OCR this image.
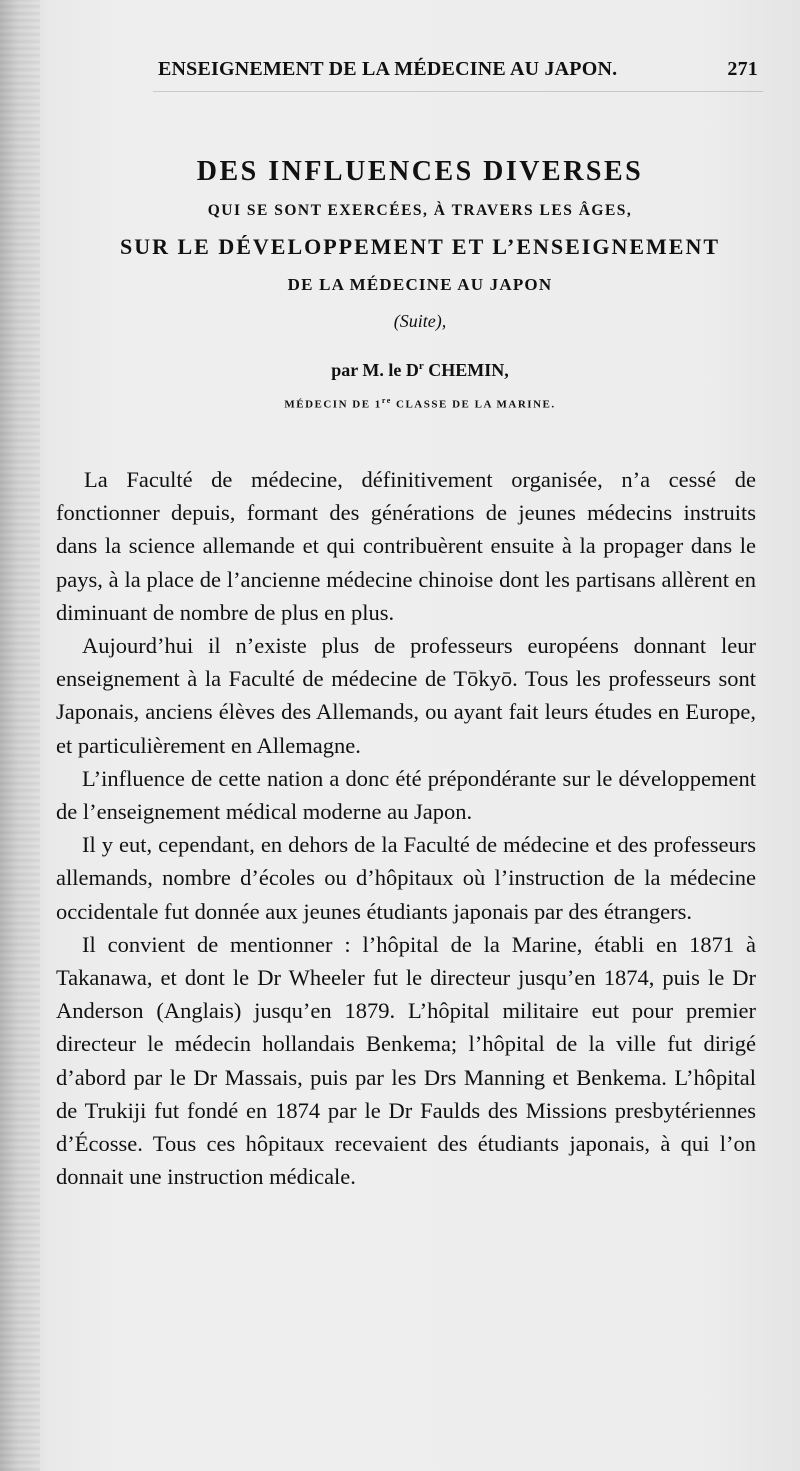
ENSEIGNEMENT DE LA MÉDECINE AU JAPON.	271
DES INFLUENCES DIVERSES
QUI SE SONT EXERCÉES, À TRAVERS LES ÂGES,
SUR LE DÉVELOPPEMENT ET L’ENSEIGNEMENT
DE LA MÉDECINE AU JAPON
(Suite),
par M. le $D^r$ CHEMIN,
MÉDECIN DE 1re CLASSE DE LA MARINE.

La Faculté de médecine, définitivement organisée, n’a cessé de fonctionner depuis, formant des générations de jeunes médecins instruits dans la science allemande et qui contribuèrent ensuite à la propager dans le pays, à la place de l’ancienne médecine chinoise dont les partisans allèrent en diminuant de nombre de plus en plus.

Aujourd’hui il n’existe plus de professeurs européens donnant leur enseignement à la Faculté de médecine de Tōkyō. Tous les professeurs sont Japonais, anciens élèves des Allemands, ou ayant fait leurs études en Europe, et particulièrement en Allemagne.

L’influence de cette nation a donc été prépondérante sur le développement de l’enseignement médical moderne au Japon.

Il y eut, cependant, en dehors de la Faculté de médecine et des professeurs allemands, nombre d’écoles ou d’hôpitaux où l’instruction de la médecine occidentale fut donnée aux jeunes étudiants japonais par des étrangers.

Il convient de mentionner : l’hôpital de la Marine, établi en 1871 à Takanawa, et dont le Dr Wheeler fut le directeur jusqu’en 1874, puis le Dr Anderson (Anglais) jusqu’en 1879. L’hôpital militaire eut pour premier directeur le médecin hollandais Benkema; l’hôpital de la ville fut dirigé d’abord par le Dr Massais, puis par les Drs Manning et Benkema. L’hôpital de Trukiji fut fondé en 1874 par le Dr Faulds des Missions presbytériennes d’Écosse. Tous ces hôpitaux recevaient des étudiants japonais, à qui l’on donnait une instruction médicale.
